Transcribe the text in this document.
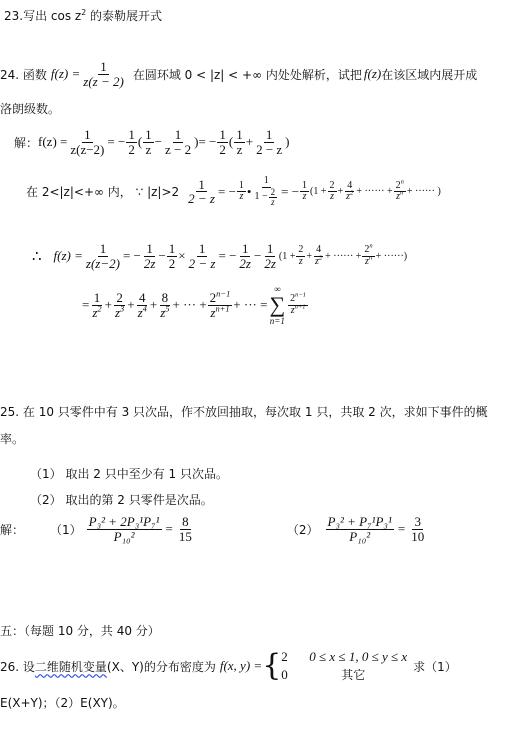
23.写出 $\cos z^2$ 的泰勒展开式
24. 函数 $f(z) = \frac{1}{z(z - 2)}$ 在圆环域 0 < |z| < +∞ 内处处解析，试把 f(z) 在该区域内展开成
洛朗级数。
解： $f(z) = \frac{1}{z(z-2)}$ = − $\frac{1}{2}$ ( $\frac{1}{z} - \frac{1}{z - 2}$ ) = − $\frac{1}{2}$ ( $\frac{1}{z} + \frac{1}{2 - z}$ )
在 2<|z|<+∞ 内， ∵ $|z|>2 \frac{1}{2 - z}$ = − $\frac{1}{z}$ • $\frac{1}{1 - \frac{2}{z}}$ = − $\frac{1}{z} (1 + \frac{2}{z} + \frac{4}{z^2}$ + ······ + $\frac{2^n}{z^n}$ + ······ )
∴ $f(z) = \frac{1}{z(z-2)}$ = − $\frac{1}{2z} - \frac{1}{2} \times \frac{1}{2 - z}$ = − $\frac{1}{2z} - \frac{1}{2z} (1 + \frac{2}{z} + \frac{4}{z^2}$ + ······ + $\frac{2^n}{z^n}$ + ······)
= $\frac{1}{z^2} + \frac{2}{z^3} + \frac{4}{z^4} + \frac{8}{z^5}$ + ··· + $\frac{2^{n-1}}{z^{n+1}}$ + ··· =
∞
∑
n=1
$\frac{2^{n-1}}{z^{n+1}}$
25. 在 10 只零件中有 3 只次品，作不放回抽取，每次取 1 只，共取 2 次，求如下事件的概
率。
（1） 取出 2 只中至少有 1 只次品。
（2） 取出的第 2 只零件是次品。
解： $(1) \frac{\text{P₃² + 2P₃¹P₇¹}}{\text{P₁₀²}} = \frac{8}{15}$	$(2) \frac{\text{P₃² + P₇¹P₃¹}}{\text{P₁₀²}} = \frac{3}{10}$
五：（每题 10 分，共 40 分）
26. 设 二维随机变量 (X、Y)的分布密度为 f(x, y) = { 2	0 ≤ x ≤ 1, 0 ≤ y ≤ x
0	其它
求（1）
E(X+Y)；（2）E(XY)。
